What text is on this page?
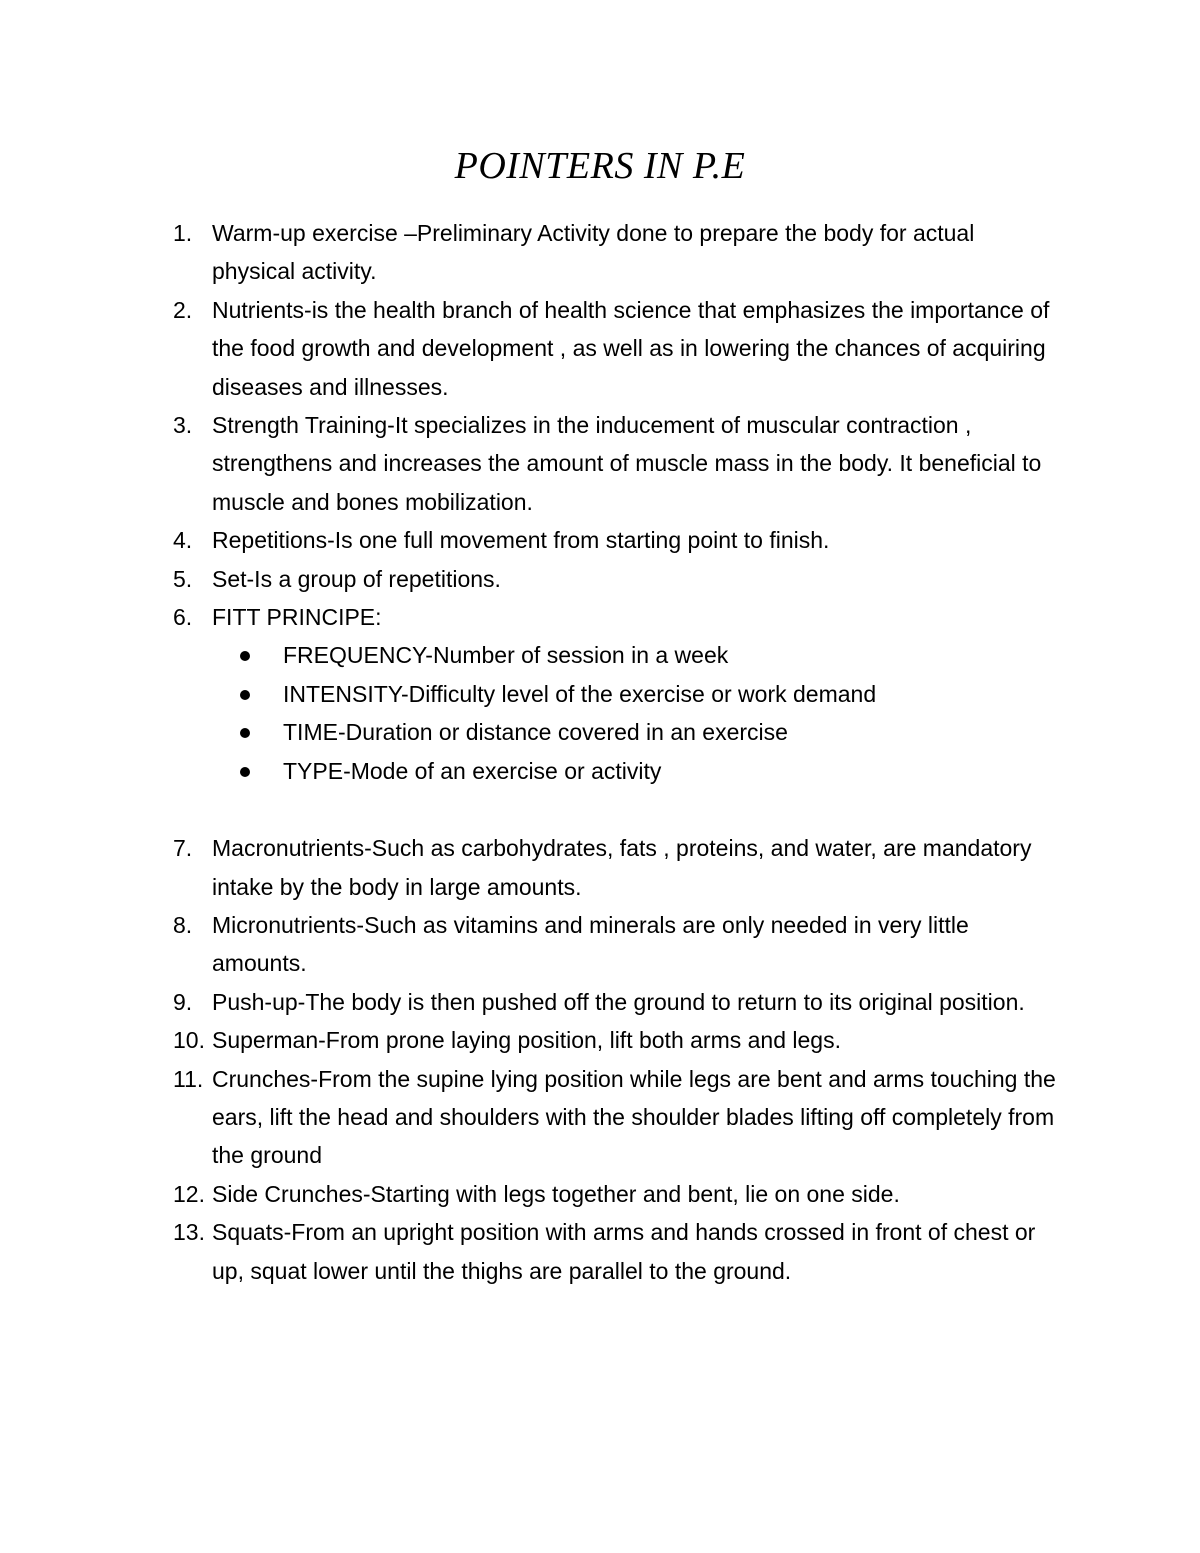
POINTERS IN P.E
1. Warm-up exercise –Preliminary Activity done to prepare the body for actual physical activity.
2. Nutrients-is the health branch of health science that emphasizes the importance of the food growth and development , as well as in lowering the chances of acquiring diseases and illnesses.
3. Strength Training-It specializes in the inducement of muscular contraction , strengthens and increases the amount of muscle mass in the body. It beneficial to muscle and bones mobilization.
4. Repetitions-Is one full movement from starting point to finish.
5. Set-Is a group of repetitions.
6. FITT PRINCIPE:
FREQUENCY-Number of session in a week
INTENSITY-Difficulty level of the exercise or work demand
TIME-Duration or distance covered in an exercise
TYPE-Mode of an exercise or activity
7. Macronutrients-Such as carbohydrates, fats , proteins, and water, are mandatory intake by the body in large amounts.
8. Micronutrients-Such as vitamins and minerals are only needed in very little amounts.
9. Push-up-The body is then pushed off the ground to return to its original position.
10. Superman-From prone laying position, lift both arms and legs.
11. Crunches-From the supine lying position while legs are bent and arms touching the ears, lift the head and shoulders with the shoulder blades lifting off completely from the ground
12. Side Crunches-Starting with legs together and bent, lie on one side.
13. Squats-From an upright position with arms and hands crossed in front of chest or up, squat lower until the thighs are parallel to the ground.
